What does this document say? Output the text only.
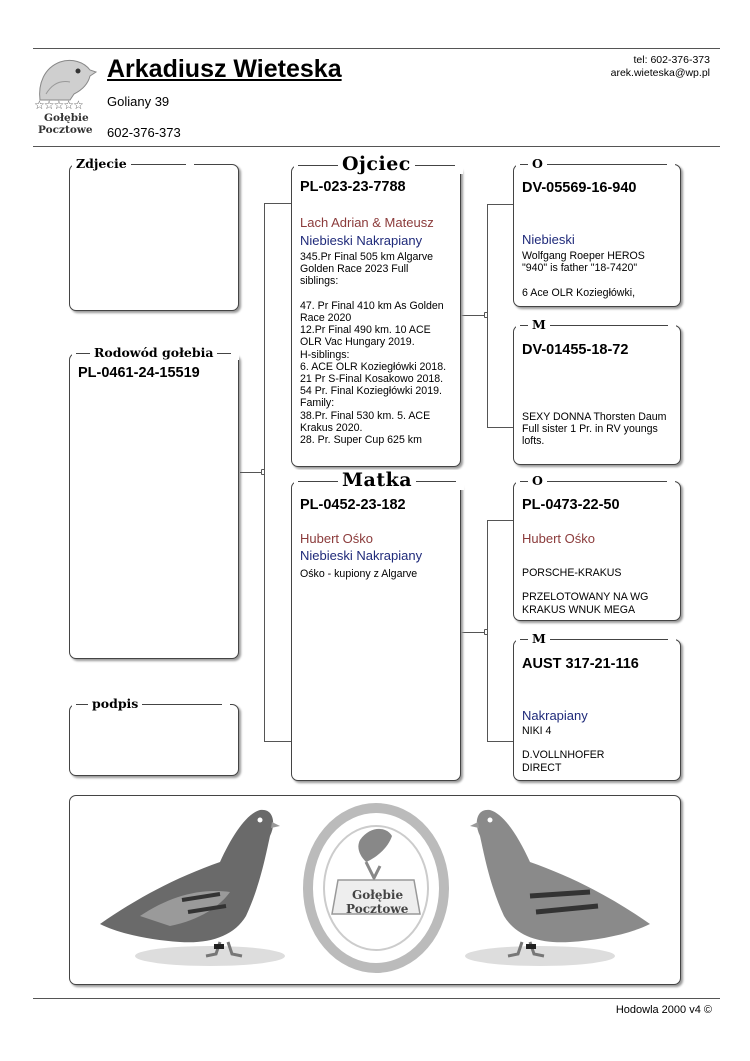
☆☆☆☆☆
Gołębie
Pocztowe
Arkadiusz Wieteska
Goliany 39
602-376-373
tel: 602-376-373
arek.wieteska@wp.pl
Zdjecie
PL-0461-24-15519
Rodowód gołebia
podpis
PL-023-23-7788
Lach Adrian & Mateusz
Niebieski Nakrapiany
345.Pr Final 505 km Algarve
Golden Race 2023 Full
siblings:

47. Pr Final 410 km As Golden
Race 2020
12.Pr Final 490 km. 10 ACE
OLR Vac Hungary 2019.
H-siblings:
6. ACE OLR Koziegłówki 2018.
21 Pr S-Final Kosakowo 2018.
54 Pr. Final Koziegłówki 2019.
Family:
38.Pr. Final 530 km. 5. ACE
Krakus 2020.
28. Pr. Super Cup 625 km
Ojciec
PL-0452-23-182
Hubert Ośko
Niebieski Nakrapiany
Ośko - kupiony z Algarve
Matka
DV-05569-16-940
Niebieski
Wolfgang Roeper HEROS
"940" is father "18-7420"

6 Ace OLR Koziegłówki,
O
DV-01455-18-72
SEXY DONNA Thorsten Daum
Full sister 1 Pr. in RV youngs
lofts.
M
PL-0473-22-50
Hubert Ośko
PORSCHE-KRAKUS

PRZELOTOWANY NA WG
KRAKUS WNUK MEGA
O
AUST 317-21-116
Nakrapiany
NIKI 4

D.VOLLNHOFER
DIRECT
M
Gołębie
Pocztowe
Hodowla 2000 v4 ©
